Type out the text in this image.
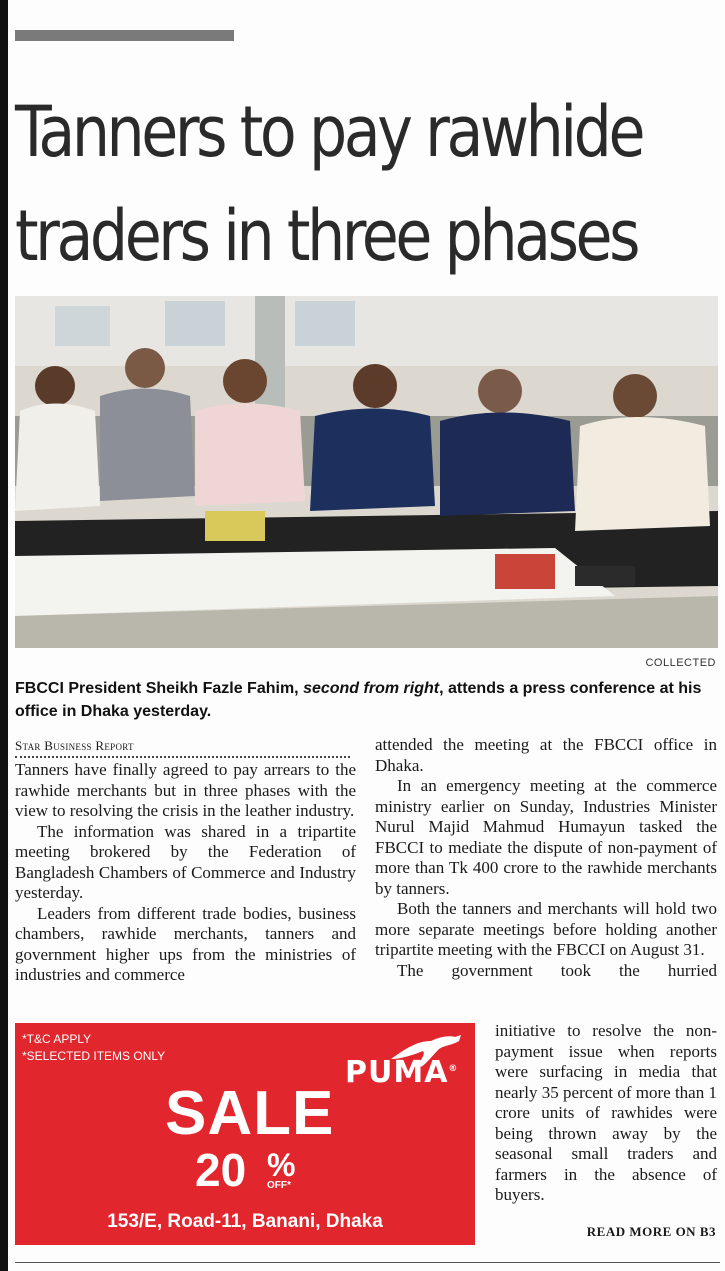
Tanners to pay rawhide
traders in three phases
COLLECTED

FBCCI President Sheikh Fazle Fahim, second from right, attends a press conference at his office in Dhaka yesterday.

Star Business Report

Tanners have finally agreed to pay arrears to the rawhide merchants but in three phases with the view to resolving the crisis in the leather industry.

The information was shared in a tripartite meeting brokered by the Federation of Bangladesh Chambers of Commerce and Industry yesterday.

Leaders from different trade bodies, business chambers, rawhide merchants, tanners and government higher ups from the ministries of industries and commerce

attended the meeting at the FBCCI office in Dhaka.

In an emergency meeting at the commerce ministry earlier on Sunday, Industries Minister Nurul Majid Mahmud Humayun tasked the FBCCI to mediate the dispute of non-payment of more than Tk 400 crore to the rawhide merchants by tanners.

Both the tanners and merchants will hold two more separate meetings before holding another tripartite meeting with the FBCCI on August 31.

The government took the hurried

initiative to resolve the non-payment issue when reports were surfacing in media that nearly 35 percent of more than 1 crore units of rawhides were being thrown away by the seasonal small traders and farmers in the absence of buyers.

READ MORE ON B3
*T&C APPLY
*SELECTED ITEMS ONLY	PUMA®
SALE
20 %
OFF*
153/E, Road-11, Banani, Dhaka
